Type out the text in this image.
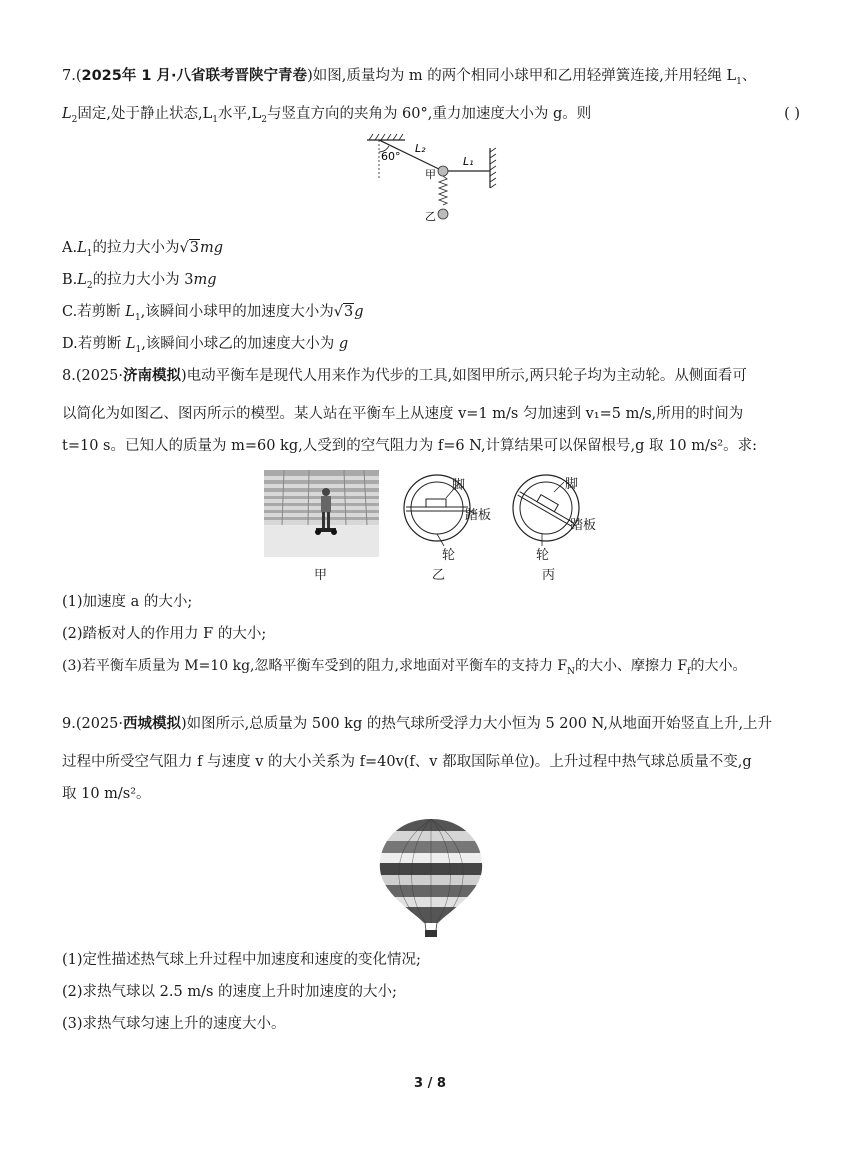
7.(2025年 1 月·八省联考晋陕宁青卷)如图,质量均为 m 的两个相同小球甲和乙用轻弹簧连接,并用轻绳 $L_1$、
$L_2$固定,处于静止状态$,L_1$水平$,L_2$与竖直方向的夹角为 60°,重力加速度大小为 g。则	( )
60°
L₂
L₁
甲
乙
$A.L_1$的拉力大小为√3mg
$B.L_2$的拉力大小为 3mg
C.若剪断 $L_1$,该瞬间小球甲的加速度大小为√3g
D.若剪断 $L_1$,该瞬间小球乙的加速度大小为 g
8.(2025·济南模拟)电动平衡车是现代人用来作为代步的工具,如图甲所示,两只轮子均为主动轮。从侧面看可
以简化为如图乙、图丙所示的模型。某人站在平衡车上从速度 v=1 m/s 匀加速到 v₁=5 m/s,所用的时间为
t=10 s。已知人的质量为 m=60 kg,人受到的空气阻力为 f=6 N,计算结果可以保留根号,g 取 10 m/s²。求:
脚
踏板
轮
脚
踏板
轮
甲	乙	丙
(1)加速度 a 的大小;
(2)踏板对人的作用力 F 的大小;
(3)若平衡车质量为 M=10 kg,忽略平衡车受到的阻力,求地面对平衡车的支持力 $F_N$的大小、摩擦力 $F_f$的大小。
9.(2025·西城模拟)如图所示,总质量为 500 kg 的热气球所受浮力大小恒为 5 200 N,从地面开始竖直上升,上升
过程中所受空气阻力 f 与速度 v 的大小关系为 f=40v(f、v 都取国际单位)。上升过程中热气球总质量不变,g
取 10 m/s²。
(1)定性描述热气球上升过程中加速度和速度的变化情况;
(2)求热气球以 2.5 m/s 的速度上升时加速度的大小;
(3)求热气球匀速上升的速度大小。
3 / 8
